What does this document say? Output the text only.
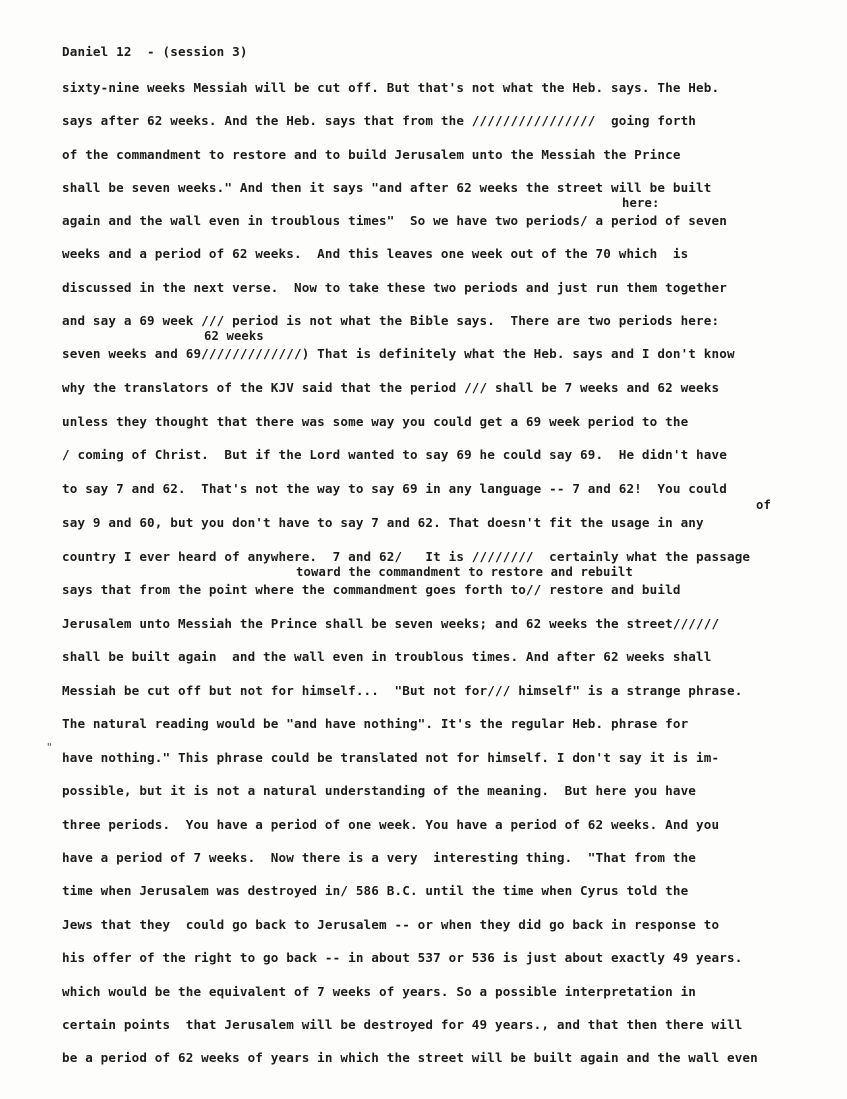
Daniel 12  - (session 3)
sixty-nine weeks Messiah will be cut off. But that's not what the Heb. says. The Heb.
says after 62 weeks. And the Heb. says that from the ////////////////  going forth
of the commandment to restore and to build Jerusalem unto the Messiah the Prince
shall be seven weeks." And then it says "and after 62 weeks the street will be built
here:
again and the wall even in troublous times"  So we have two periods/ a period of seven
weeks and a period of 62 weeks.  And this leaves one week out of the 70 which  is
discussed in the next verse.  Now to take these two periods and just run them together
and say a 69 week /// period is not what the Bible says.  There are two periods here:
62 weeks
seven weeks and 69/////////////) That is definitely what the Heb. says and I don't know
why the translators of the KJV said that the period /// shall be 7 weeks and 62 weeks
unless they thought that there was some way you could get a 69 week period to the
/ coming of Christ.  But if the Lord wanted to say 69 he could say 69.  He didn't have
to say 7 and 62.  That's not the way to say 69 in any language -- 7 and 62!  You could
of
say 9 and 60, but you don't have to say 7 and 62. That doesn't fit the usage in any
country I ever heard of anywhere.  7 and 62/   It is ////////  certainly what the passage
toward the commandment to restore and rebuilt
says that from the point where the commandment goes forth to// restore and build
Jerusalem unto Messiah the Prince shall be seven weeks; and 62 weeks the street//////
shall be built again  and the wall even in troublous times. And after 62 weeks shall
Messiah be cut off but not for himself...  "But not for/// himself" is a strange phrase.
The natural reading would be "and have nothing". It's the regular Heb. phrase for
"
have nothing." This phrase could be translated not for himself. I don't say it is im-
possible, but it is not a natural understanding of the meaning.  But here you have
three periods.  You have a period of one week. You have a period of 62 weeks. And you
have a period of 7 weeks.  Now there is a very  interesting thing.  "That from the
time when Jerusalem was destroyed in/ 586 B.C. until the time when Cyrus told the
Jews that they  could go back to Jerusalem -- or when they did go back in response to
his offer of the right to go back -- in about 537 or 536 is just about exactly 49 years.
which would be the equivalent of 7 weeks of years. So a possible interpretation in
certain points  that Jerusalem will be destroyed for 49 years., and that then there will
be a period of 62 weeks of years in which the street will be built again and the wall even
